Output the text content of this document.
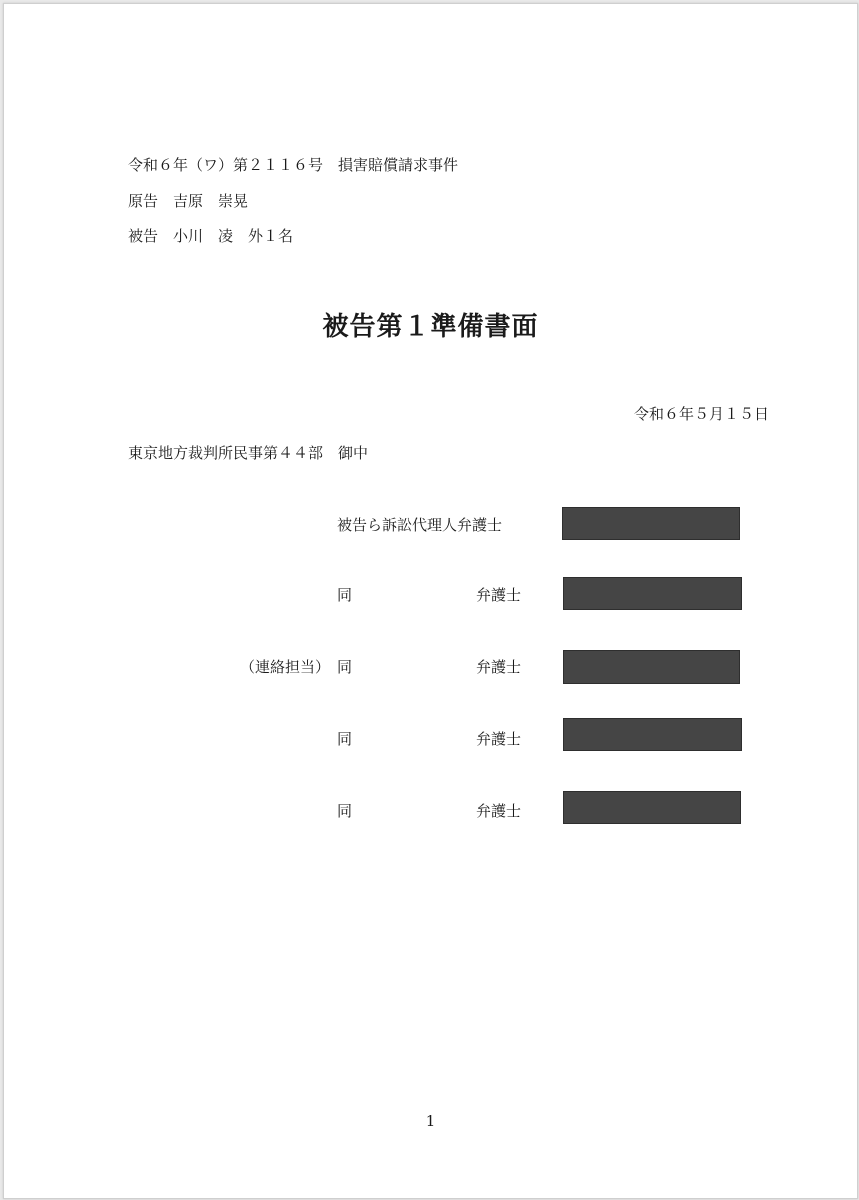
令和６年（ワ）第２１１６号　損害賠償請求事件
原告　吉原　崇晃
被告　小川　凌　外１名
被告第１準備書面
令和６年５月１５日
東京地方裁判所民事第４４部　御中
被告ら訴訟代理人弁護士
同	弁護士
（連絡担当） 同	弁護士
同	弁護士
同	弁護士
1
